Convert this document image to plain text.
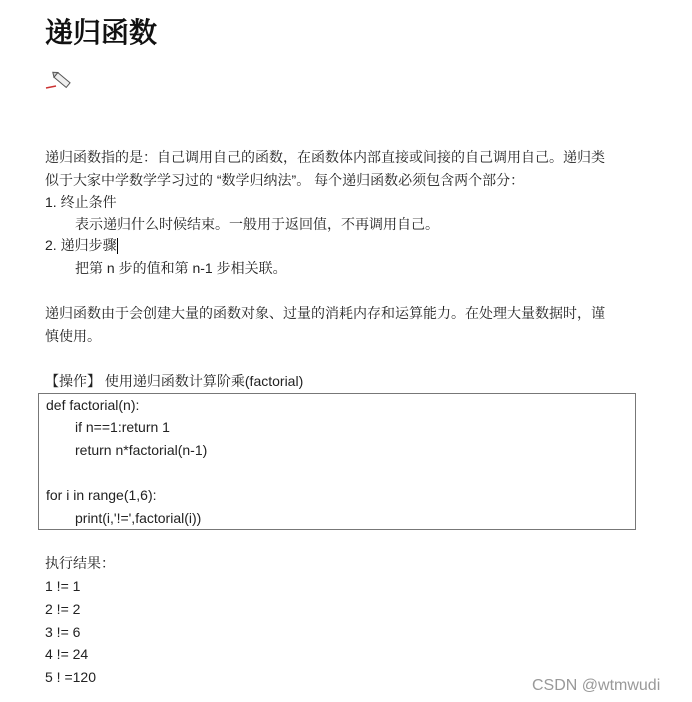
递归函数
递归函数指的是：自己调用自己的函数，在函数体内部直接或间接的自己调用自己。递归类
似于大家中学数学学习过的 “数学归纳法”。 每个递归函数必须包含两个部分：
1. 终止条件
表示递归什么时候结束。一般用于返回值，不再调用自己。
2. 递归步骤
把第 n 步的值和第 n-1 步相关联。
递归函数由于会创建大量的函数对象、过量的消耗内存和运算能力。在处理大量数据时，谨
慎使用。
【操作】 使用递归函数计算阶乘(factorial)
def factorial(n):
if n==1:return 1
return n*factorial(n-1)
for i in range(1,6):
print(i,'!=',factorial(i))
执行结果：
1 != 1
2 != 2
3 != 6
4 != 24
5 ! =120	CSDN @wtmwudi
